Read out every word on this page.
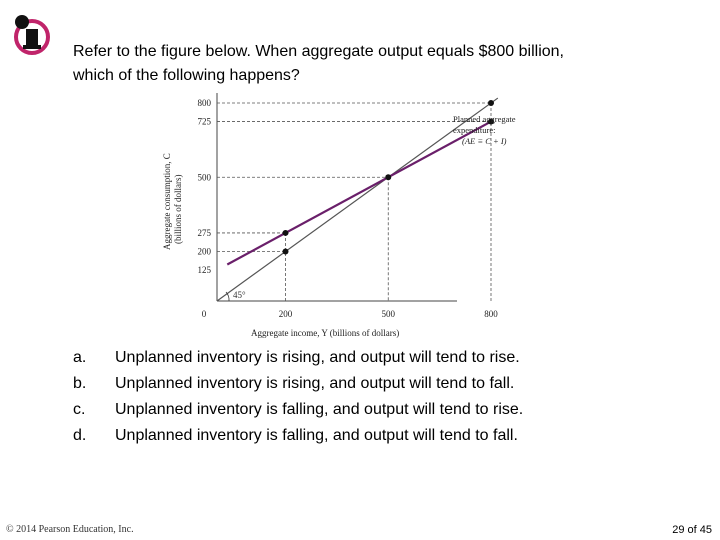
Refer to the figure below. When aggregate output equals $800 billion,
which of the following happens?
0	200	500	800
125
200
275
500
725
800
45°
Planned aggregate expenditure: (AE ≡ C + I)
Aggregate income, Y (billions of dollars)
Aggregate consumption, C (billions of dollars)
a. Unplanned inventory is rising, and output will tend to rise.
b. Unplanned inventory is rising, and output will tend to fall.
c. Unplanned inventory is falling, and output will tend to rise.
d. Unplanned inventory is falling, and output will tend to fall.
© 2014 Pearson Education, Inc.	29 of 45
